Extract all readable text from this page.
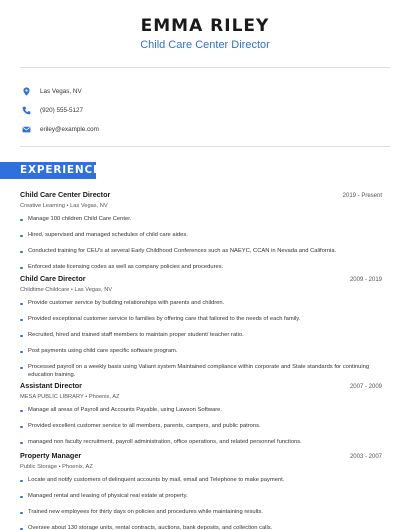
EMMA RILEY
Child Care Center Director
Las Vegas, NV
(920) 555-5127
eriley@example.com
EXPERIENCE
Child Care Center Director	2019 - Present
Creative Learning • Las Vegas, NV
Manage 100 children Child Care Center.
Hired, supervised and managed schedules of child care aides.
Conducted training for CEU's at several Early Childhood Conferences such as NAEYC, CCAN in Nevada and California.
Enforced state licensing codes as well as company policies and procedures.
Child Care Director	2009 - 2019
Childtime Childcare • Las Vegas, NV
Provide customer service by building relationships with parents and children.
Provided exceptional customer service to families by offering care that failored to the needs of each family.
Recruited, hired and trained staff members to maintain proper student/ teacher ratio.
Post payments using child care specific software program.
Processed payroll on a weekly basis using Valiant system Maintained compliance within corporate and State standards for continuing education training.
Assistant Director	2007 - 2009
MESA PUBLIC LIBRARY • Phoenix, AZ
Manage all areas of Payroll and Accounts Payable, using Lawson Software.
Provided excellent customer service to all members, parents, campers, and public patrons.
managed non faculty recruitment, payroll administration, office operations, and related personnel functions.
Property Manager	2003 - 2007
Public Storage • Phoenix, AZ
Locate and notify customers of delinquent accounts by mail, email and Telephone to make payment.
Managed rental and leasing of physical real estate at property.
Trained new employees for thirty days on policies and procedures while maintaining results.
Oversee about 130 storage units, rental contracts, auctions, bank deposits, and collection calls.
